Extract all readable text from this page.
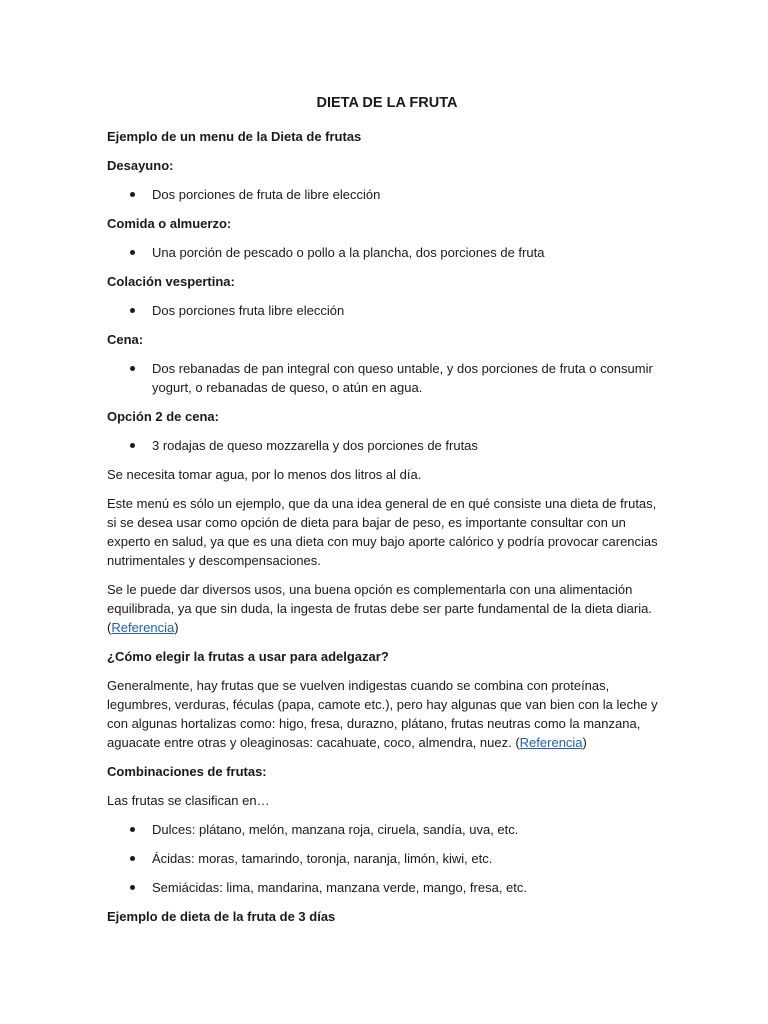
DIETA DE LA FRUTA
Ejemplo de un menu de la Dieta de frutas
Desayuno:
Dos porciones de fruta de libre elección
Comida o almuerzo:
Una porción de pescado o pollo a la plancha, dos porciones de fruta
Colación vespertina:
Dos porciones fruta libre elección
Cena:
Dos rebanadas de pan integral con queso untable, y dos porciones de fruta o consumir yogurt, o rebanadas de queso, o atún en agua.
Opción 2 de cena:
3 rodajas de queso mozzarella y dos porciones de frutas
Se necesita tomar agua, por lo menos dos litros al día.
Este menú es sólo un ejemplo, que da una idea general de en qué consiste una dieta de frutas, si se desea usar como opción de dieta para bajar de peso, es importante consultar con un experto en salud, ya que es una dieta con muy bajo aporte calórico y podría provocar carencias nutrimentales y descompensaciones.
Se le puede dar diversos usos, una buena opción es complementarla con una alimentación equilibrada, ya que sin duda, la ingesta de frutas debe ser parte fundamental de la dieta diaria. (Referencia)
¿Cómo elegir la frutas a usar para adelgazar?
Generalmente, hay frutas que se vuelven indigestas cuando se combina con proteínas, legumbres, verduras, féculas (papa, camote etc.), pero hay algunas que van bien con la leche y con algunas hortalizas como: higo, fresa, durazno, plátano, frutas neutras como la manzana, aguacate entre otras y oleaginosas: cacahuate, coco, almendra, nuez. (Referencia)
Combinaciones de frutas:
Las frutas se clasifican en…
Dulces: plátano, melón, manzana roja, ciruela, sandía, uva, etc.
Ácidas: moras, tamarindo, toronja, naranja, limón, kiwi, etc.
Semiácidas: lima, mandarina, manzana verde, mango, fresa, etc.
Ejemplo de dieta de la fruta de 3 días
